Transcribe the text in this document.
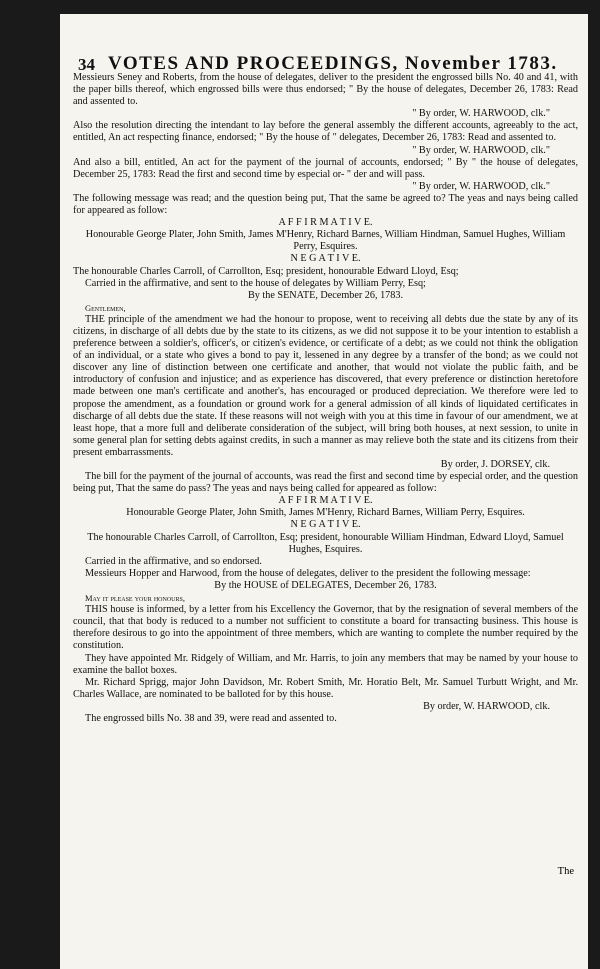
34 VOTES AND PROCEEDINGS, November 1783.

Messieurs Seney and Roberts, from the house of delegates, deliver to the president the engrossed bills No. 40 and 41, with the paper bills thereof, which engrossed bills were thus endorsed; " By the house of delegates, December 26, 1783: Read and assented to.

" By order, W. HARWOOD, clk."

Also the resolution directing the intendant to lay before the general assembly the different accounts, agreeably to the act, entitled, An act respecting finance, endorsed; " By the house of " delegates, December 26, 1783: Read and assented to.

" By order, W. HARWOOD, clk."

And also a bill, entitled, An act for the payment of the journal of accounts, endorsed; " By " the house of delegates, December 25, 1783: Read the first and second time by especial or- " der and will pass.

" By order, W. HARWOOD, clk."

The following message was read; and the question being put, That the same be agreed to? The yeas and nays being called for appeared as follow:

A F F I R M A T I V E.

Honourable George Plater, John Smith, James M'Henry, Richard Barnes, William Hindman, Samuel Hughes, William Perry, Esquires.

N E G A T I V E.

The honourable Charles Carroll, of Carrollton, Esq; president, honourable Edward Lloyd, Esq;

Carried in the affirmative, and sent to the house of delegates by William Perry, Esq;

By the SENATE, December 26, 1783.

Gentlemen,

THE principle of the amendment we had the honour to propose, went to receiving all debts due the state by any of its citizens, in discharge of all debts due by the state to its citizens, as we did not suppose it to be your intention to establish a preference between a soldier's, officer's, or citizen's evidence, or certificate of a debt; as we could not think the obligation of an individual, or a state who gives a bond to pay it, lessened in any degree by a transfer of the bond; as we could not discover any line of distinction between one certificate and another, that would not violate the public faith, and be introductory of confusion and injustice; and as experience has discovered, that every preference or distinction heretofore made between one man's certificate and another's, has encouraged or produced depreciation. We therefore were led to propose the amendment, as a foundation or ground work for a general admission of all kinds of liquidated certificates in discharge of all debts due the state. If these reasons will not weigh with you at this time in favour of our amendment, we at least hope, that a more full and deliberate consideration of the subject, will bring both houses, at next session, to unite in some general plan for setting debts against credits, in such a manner as may relieve both the state and its citizens from their present embarrassments.

By order, J. DORSEY, clk.

The bill for the payment of the journal of accounts, was read the first and second time by especial order, and the question being put, That the same do pass? The yeas and nays being called for appeared as follow:

A F F I R M A T I V E.

Honourable George Plater, John Smith, James M'Henry, Richard Barnes, William Perry, Esquires.

N E G A T I V E.

The honourable Charles Carroll, of Carrollton, Esq; president, honourable William Hindman, Edward Lloyd, Samuel Hughes, Esquires.

Carried in the affirmative, and so endorsed.

Messieurs Hopper and Harwood, from the house of delegates, deliver to the president the following message:

By the HOUSE of DELEGATES, December 26, 1783.

May it please your honours,

THIS house is informed, by a letter from his Excellency the Governor, that by the resignation of several members of the council, that that body is reduced to a number not sufficient to constitute a board for transacting business. This house is therefore desirous to go into the appointment of three members, which are wanting to complete the number required by the constitution.

They have appointed Mr. Ridgely of William, and Mr. Harris, to join any members that may be named by your house to examine the ballot boxes.

Mr. Richard Sprigg, major John Davidson, Mr. Robert Smith, Mr. Horatio Belt, Mr. Samuel Turbutt Wright, and Mr. Charles Wallace, are nominated to be balloted for by this house.

By order, W. HARWOOD, clk.

The engrossed bills No. 38 and 39, were read and assented to.

The
